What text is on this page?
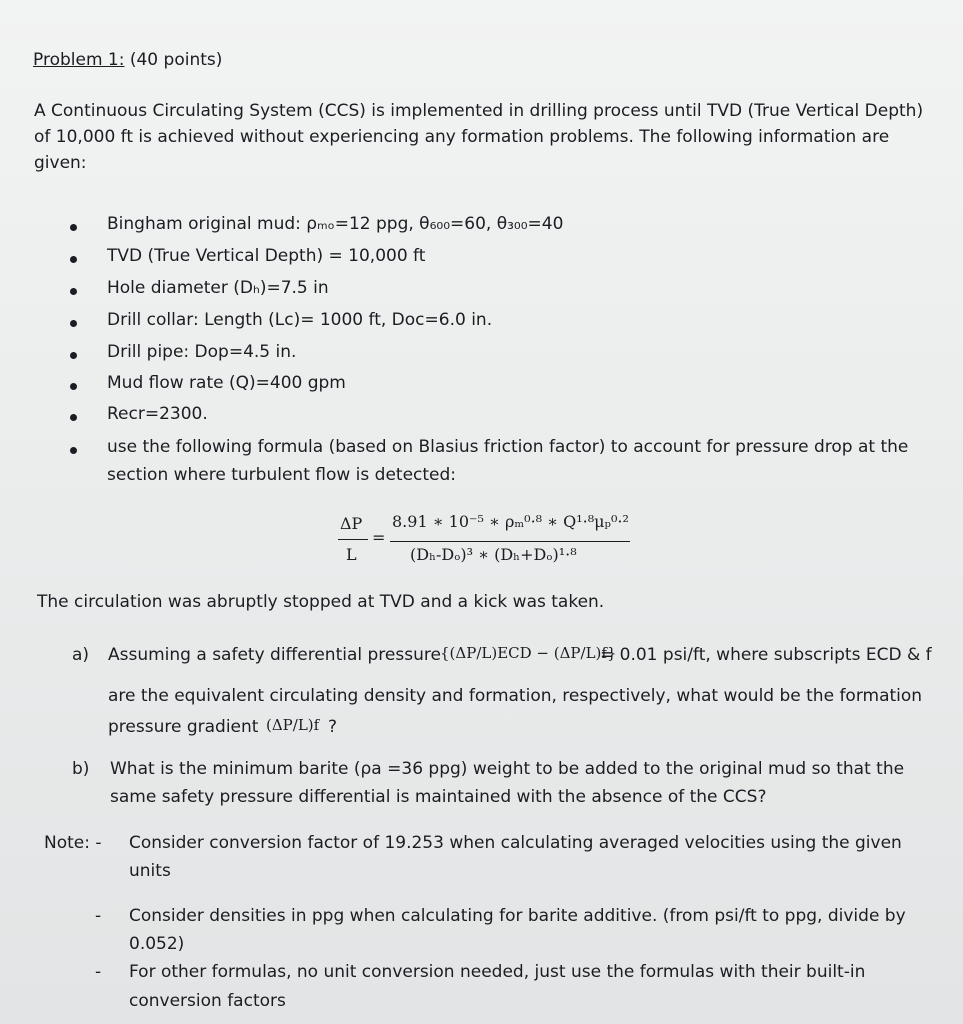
Problem 1: (40 points)

A Continuous Circulating System (CCS) is implemented in drilling process until TVD (True Vertical Depth)

of 10,000 ft is achieved without experiencing any formation problems. The following information are

given:

Bingham original mud: ρₘₒ=12 ppg, θ₆₀₀=60, θ₃₀₀=40
TVD (True Vertical Depth) = 10,000 ft
Hole diameter (Dₕ)=7.5 in
Drill collar: Length (Lc)= 1000 ft, Doc=6.0 in.
Drill pipe: Dop=4.5 in.
Mud flow rate (Q)=400 gpm
Recr=2300.
use the following formula (based on Blasius friction factor) to account for pressure drop at the
section where turbulent flow is detected:
ΔP
L
=
8.91 ∗ 10⁻⁵ ∗ ρₘ⁰·⁸ ∗ Q¹·⁸μₚ⁰·²
(Dₕ-Dₒ)³ ∗ (Dₕ+Dₒ)¹·⁸
The circulation was abruptly stopped at TVD and a kick was taken.
a) Assuming a safety differential pressure {(ΔP/L)ECD − (ΔP/L)f}
= 0.01 psi/ft, where subscripts ECD & f
are the equivalent circulating density and formation, respectively, what would be the formation
pressure gradient (ΔP/L)f ?
b) What is the minimum barite (ρa =36 ppg) weight to be added to the original mud so that the
same safety pressure differential is maintained with the absence of the CCS?
Note: - Consider conversion factor of 19.253 when calculating averaged velocities using the given
units
- Consider densities in ppg when calculating for barite additive. (from psi/ft to ppg, divide by
0.052)
- For other formulas, no unit conversion needed, just use the formulas with their built-in
conversion factors
